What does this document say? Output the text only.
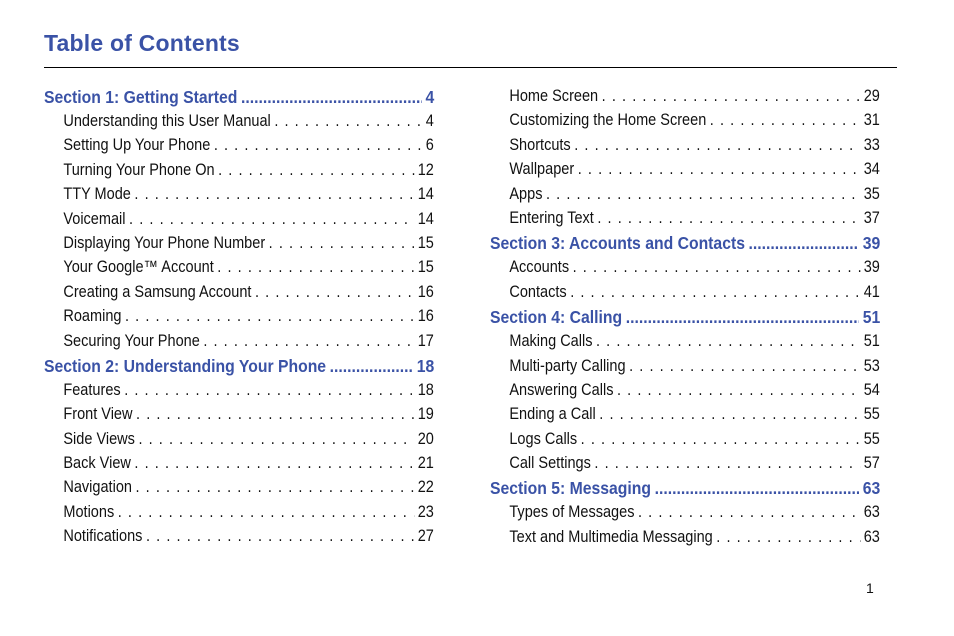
Table of Contents
Section 1: Getting Started .....	4
Understanding this User Manual . . .	4
Setting Up Your Phone . . .	6
Turning Your Phone On . . .	12
TTY Mode . . .	14
Voicemail . . .	14
Displaying Your Phone Number . . .	15
Your Google™ Account . . .	15
Creating a Samsung Account . . .	16
Roaming . . .	16
Securing Your Phone . . .	17
Section 2: Understanding Your Phone .....	18
Features . . .	18
Front View . . .	19
Side Views . . .	20
Back View . . .	21
Navigation . . .	22
Motions . . .	23
Notifications . . .	27
Home Screen . . .	29
Customizing the Home Screen . . .	31
Shortcuts . . .	33
Wallpaper . . .	34
Apps . . .	35
Entering Text . . .	37
Section 3: Accounts and Contacts .....	39
Accounts . . .	39
Contacts . . .	41
Section 4: Calling .....	51
Making Calls . . .	51
Multi-party Calling . . .	53
Answering Calls . . .	54
Ending a Call . . .	55
Logs Calls . . .	55
Call Settings . . .	57
Section 5: Messaging .....	63
Types of Messages . . .	63
Text and Multimedia Messaging . . .	63
1
